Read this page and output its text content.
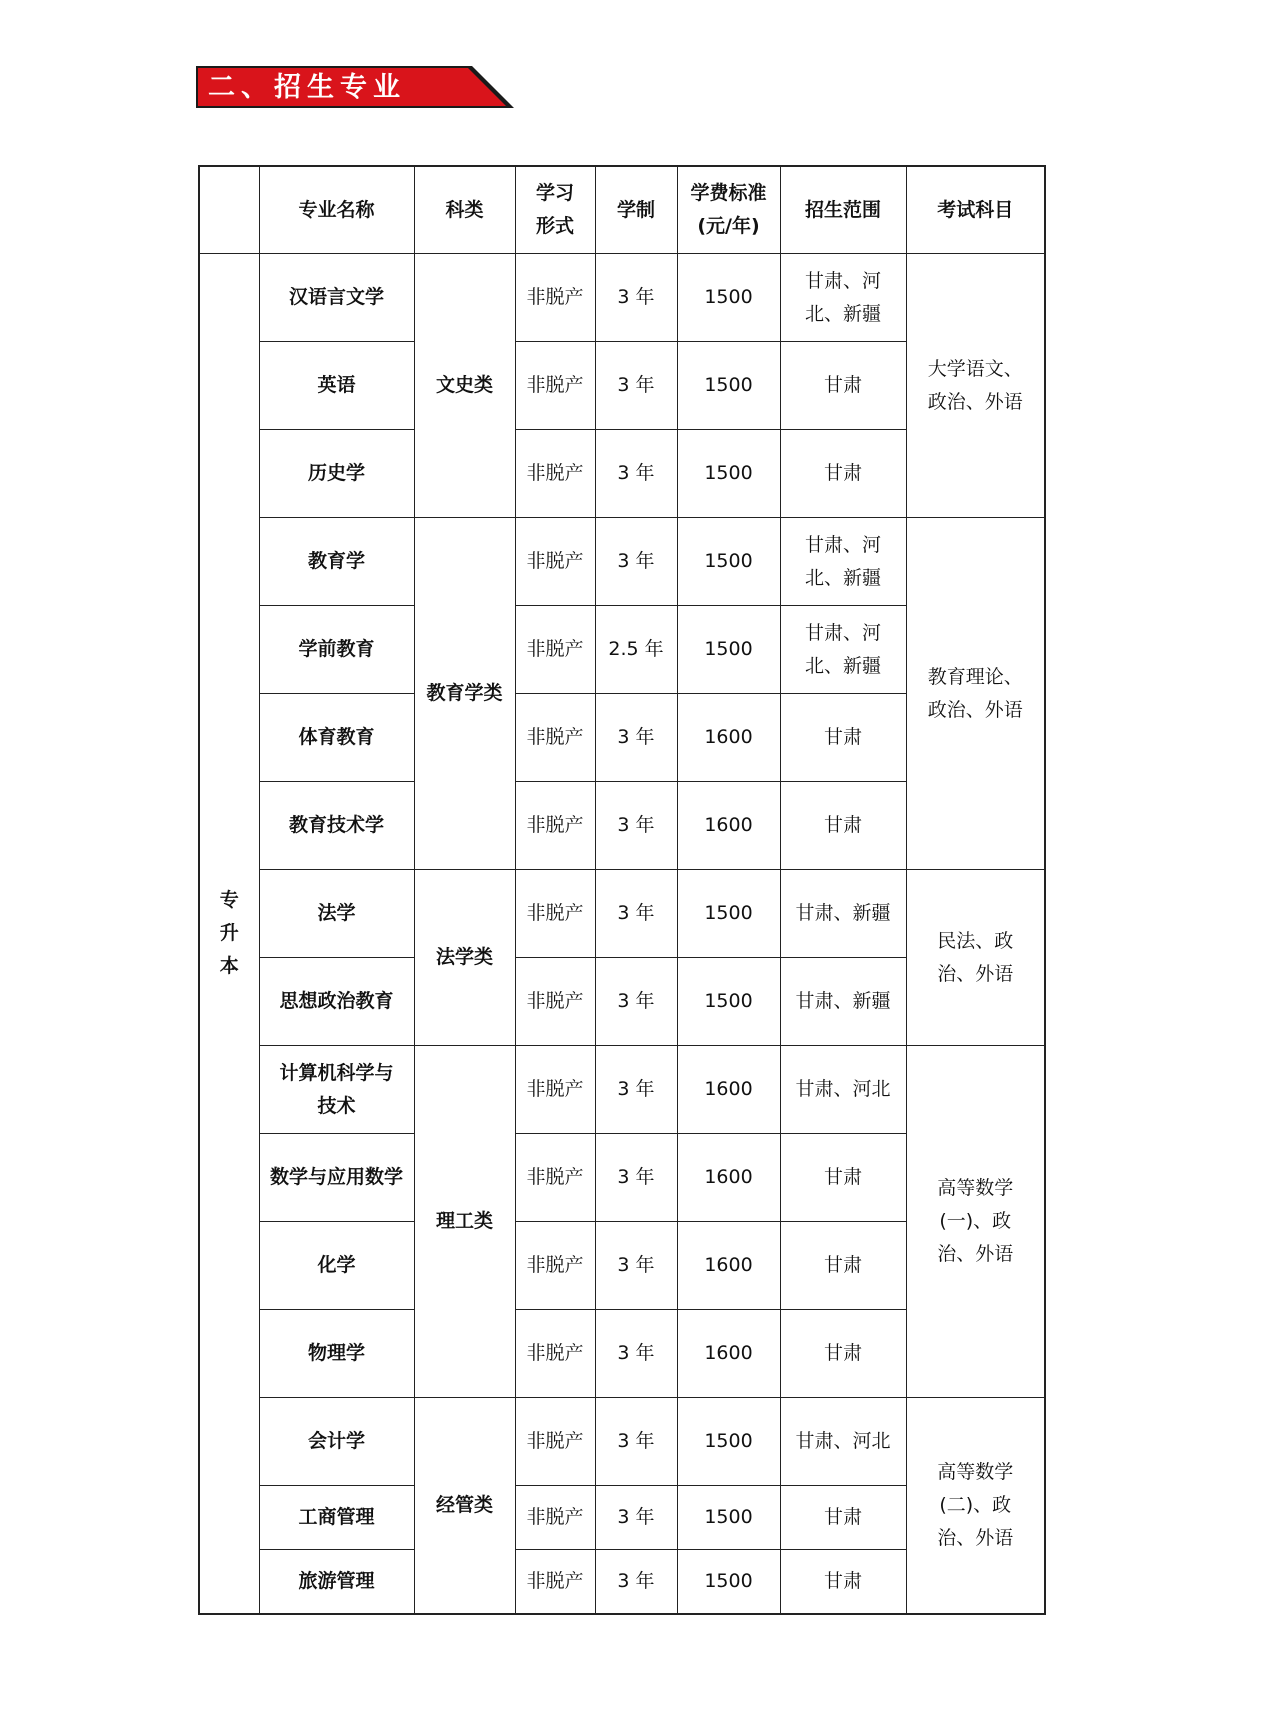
二、招生专业
	专业名称	科类	学习形式	学制	学费标准(元/年)	招生范围	考试科目
专升本	汉语言文学	文史类	非脱产	3 年	1500	甘肃、河北、新疆	大学语文、政治、外语
	英语		非脱产	3 年	1500	甘肃	
	历史学		非脱产	3 年	1500	甘肃	
	教育学	教育学类	非脱产	3 年	1500	甘肃、河北、新疆	教育理论、政治、外语
	学前教育		非脱产	2.5 年	1500	甘肃、河北、新疆	
	体育教育		非脱产	3 年	1600	甘肃	
	教育技术学		非脱产	3 年	1600	甘肃	
	法学	法学类	非脱产	3 年	1500	甘肃、新疆	民法、政治、外语
	思想政治教育		非脱产	3 年	1500	甘肃、新疆	
	计算机科学与技术	理工类	非脱产	3 年	1600	甘肃、河北	高等数学(一)、政治、外语
	数学与应用数学		非脱产	3 年	1600	甘肃	
	化学		非脱产	3 年	1600	甘肃	
	物理学		非脱产	3 年	1600	甘肃	
	会计学	经管类	非脱产	3 年	1500	甘肃、河北	高等数学(二)、政治、外语
	工商管理		非脱产	3 年	1500	甘肃	
	旅游管理		非脱产	3 年	1500	甘肃	
